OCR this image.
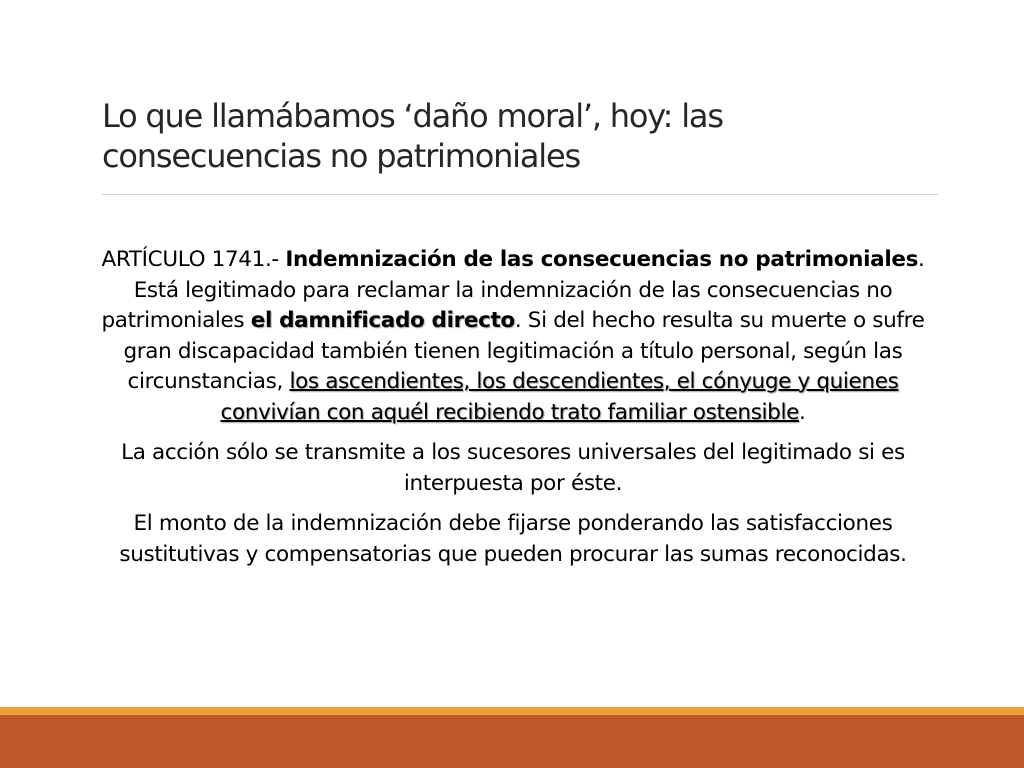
Lo que llamábamos ‘daño moral’, hoy: las
consecuencias no patrimoniales

ARTÍCULO 1741.- Indemnización de las consecuencias no patrimoniales. Está legitimado para reclamar la indemnización de las consecuencias no patrimoniales el damnificado directo. Si del hecho resulta su muerte o sufre gran discapacidad también tienen legitimación a título personal, según las circunstancias, los ascendientes, los descendientes, el cónyuge y quienes convivían con aquél recibiendo trato familiar ostensible.

La acción sólo se transmite a los sucesores universales del legitimado si es interpuesta por éste.

El monto de la indemnización debe fijarse ponderando las satisfacciones sustitutivas y compensatorias que pueden procurar las sumas reconocidas.
